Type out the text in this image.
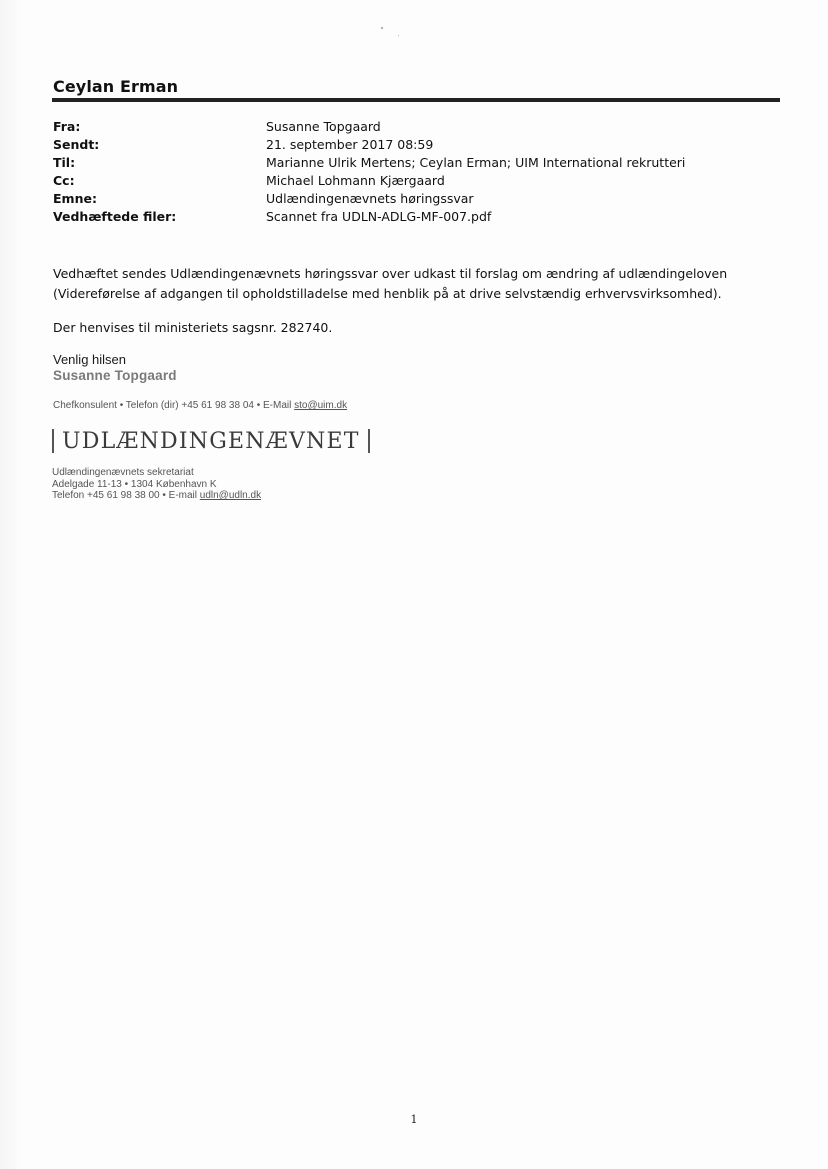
Ceylan Erman
Fra:	Susanne Topgaard
Sendt:	21. september 2017 08:59
Til:	Marianne Ulrik Mertens; Ceylan Erman; UIM International rekrutteri
Cc:	Michael Lohmann Kjærgaard
Emne:	Udlændingenævnets høringssvar
Vedhæftede filer:	Scannet fra UDLN-ADLG-MF-007.pdf
Vedhæftet sendes Udlændingenævnets høringssvar over udkast til forslag om ændring af udlændingeloven
(Videreførelse af adgangen til opholdstilladelse med henblik på at drive selvstændig erhvervsvirksomhed).
Der henvises til ministeriets sagsnr. 282740.
Venlig hilsen
Susanne Topgaard
Chefkonsulent • Telefon (dir) +45 61 98 38 04 • E-Mail sto@uim.dk
UDLÆNDINGENÆVNET
Udlændingenævnets sekretariat
Adelgade 11-13 • 1304 København K
Telefon +45 61 98 38 00 • E-mail udln@udln.dk
1
